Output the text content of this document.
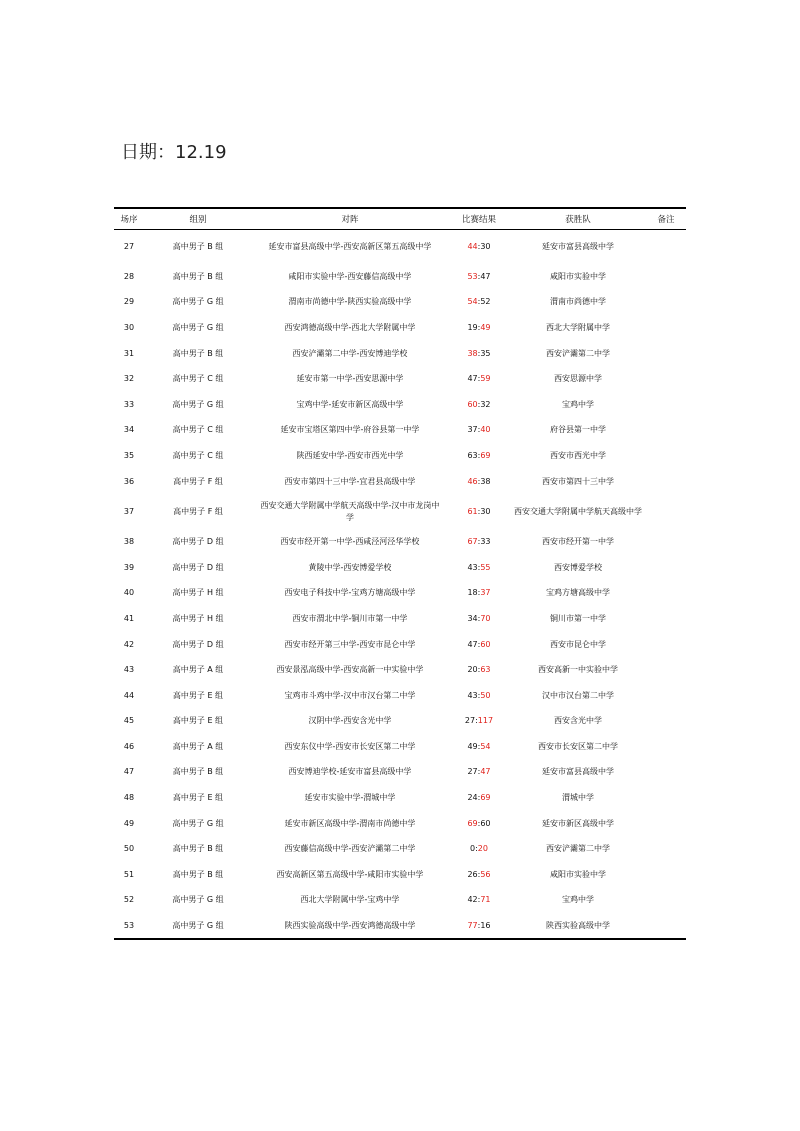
日期：12.19
场序	组别	对阵	比赛结果	获胜队	备注
27	高中男子 B 组	延安市富县高级中学-西安高新区第五高级中学	44:30	延安市富县高级中学	
28	高中男子 B 组	咸阳市实验中学-西安藤信高级中学	53:47	咸阳市实验中学	
29	高中男子 G 组	渭南市尚德中学-陕西实验高级中学	54:52	渭南市尚德中学	
30	高中男子 G 组	西安鸿德高级中学-西北大学附属中学	19:49	西北大学附属中学	
31	高中男子 B 组	西安浐灞第二中学-西安博迪学校	38:35	西安浐灞第二中学	
32	高中男子 C 组	延安市第一中学-西安思源中学	47:59	西安思源中学	
33	高中男子 G 组	宝鸡中学-延安市新区高级中学	60:32	宝鸡中学	
34	高中男子 C 组	延安市宝塔区第四中学-府谷县第一中学	37:40	府谷县第一中学	
35	高中男子 C 组	陕西延安中学-西安市西光中学	63:69	西安市西光中学	
36	高中男子 F 组	西安市第四十三中学-宜君县高级中学	46:38	西安市第四十三中学	
37	高中男子 F 组	西安交通大学附属中学航天高级中学-汉中市龙岗中学	61:30	西安交通大学附属中学航天高级中学	
38	高中男子 D 组	西安市经开第一中学-西咸泾河泾华学校	67:33	西安市经开第一中学	
39	高中男子 D 组	黄陵中学-西安博爱学校	43:55	西安博爱学校	
40	高中男子 H 组	西安电子科技中学-宝鸡方塘高级中学	18:37	宝鸡方塘高级中学	
41	高中男子 H 组	西安市渭北中学-铜川市第一中学	34:70	铜川市第一中学	
42	高中男子 D 组	西安市经开第三中学-西安市昆仑中学	47:60	西安市昆仑中学	
43	高中男子 A 组	西安景泓高级中学-西安高新一中实验中学	20:63	西安高新一中实验中学	
44	高中男子 E 组	宝鸡市斗鸡中学-汉中市汉台第二中学	43:50	汉中市汉台第二中学	
45	高中男子 E 组	汉阴中学-西安含光中学	27:117	西安含光中学	
46	高中男子 A 组	西安东仪中学-西安市长安区第二中学	49:54	西安市长安区第二中学	
47	高中男子 B 组	西安博迪学校-延安市富县高级中学	27:47	延安市富县高级中学	
48	高中男子 E 组	延安市实验中学-渭城中学	24:69	渭城中学	
49	高中男子 G 组	延安市新区高级中学-渭南市尚德中学	69:60	延安市新区高级中学	
50	高中男子 B 组	西安藤信高级中学-西安浐灞第二中学	0:20	西安浐灞第二中学	
51	高中男子 B 组	西安高新区第五高级中学-咸阳市实验中学	26:56	咸阳市实验中学	
52	高中男子 G 组	西北大学附属中学-宝鸡中学	42:71	宝鸡中学	
53	高中男子 G 组	陕西实验高级中学-西安鸿德高级中学	77:16	陕西实验高级中学	
